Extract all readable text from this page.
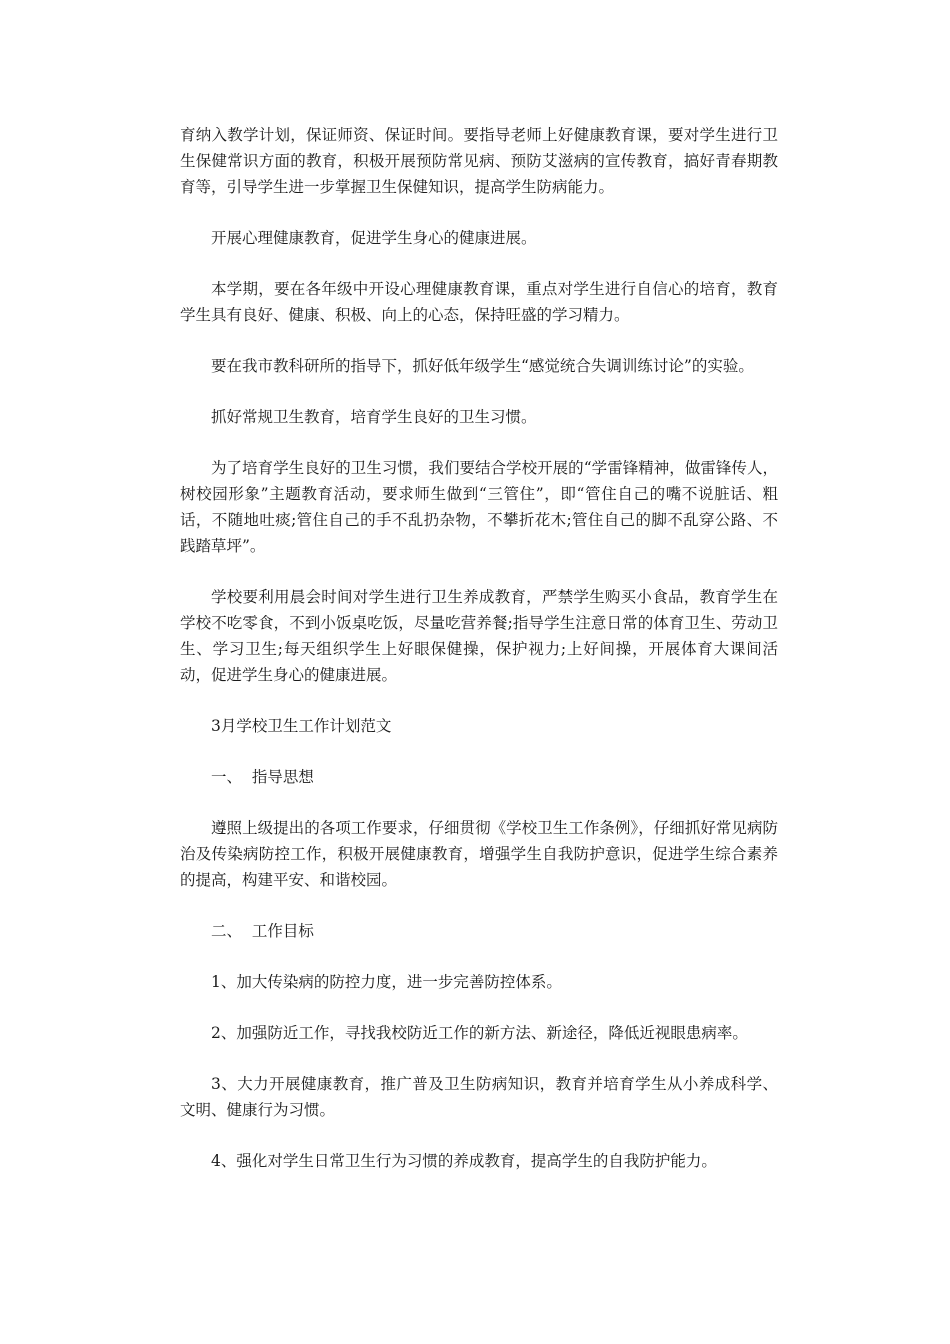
育纳入教学计划，保证师资、保证时间。要指导老师上好健康教育课，要对学生进行卫生保健常识方面的教育，积极开展预防常见病、预防艾滋病的宣传教育，搞好青春期教育等，引导学生进一步掌握卫生保健知识，提高学生防病能力。

开展心理健康教育，促进学生身心的健康进展。

本学期，要在各年级中开设心理健康教育课，重点对学生进行自信心的培育，教育学生具有良好、健康、积极、向上的心态，保持旺盛的学习精力。

要在我市教科研所的指导下，抓好低年级学生“感觉统合失调训练讨论”的实验。

抓好常规卫生教育，培育学生良好的卫生习惯。

为了培育学生良好的卫生习惯，我们要结合学校开展的“学雷锋精神，做雷锋传人，树校园形象”主题教育活动，要求师生做到“三管住”，即“管住自己的嘴不说脏话、粗话，不随地吐痰;管住自己的手不乱扔杂物，不攀折花木;管住自己的脚不乱穿公路、不践踏草坪”。

学校要利用晨会时间对学生进行卫生养成教育，严禁学生购买小食品，教育学生在学校不吃零食，不到小饭桌吃饭，尽量吃营养餐;指导学生注意日常的体育卫生、劳动卫生、学习卫生;每天组织学生上好眼保健操，保护视力;上好间操，开展体育大课间活动，促进学生身心的健康进展。

3月学校卫生工作计划范文

一、  指导思想

遵照上级提出的各项工作要求，仔细贯彻《学校卫生工作条例》，仔细抓好常见病防治及传染病防控工作，积极开展健康教育，增强学生自我防护意识，促进学生综合素养的提高，构建平安、和谐校园。

二、  工作目标

1、加大传染病的防控力度，进一步完善防控体系。

2、加强防近工作，寻找我校防近工作的新方法、新途径，降低近视眼患病率。

3、大力开展健康教育，推广普及卫生防病知识，教育并培育学生从小养成科学、文明、健康行为习惯。

4、强化对学生日常卫生行为习惯的养成教育，提高学生的自我防护能力。
